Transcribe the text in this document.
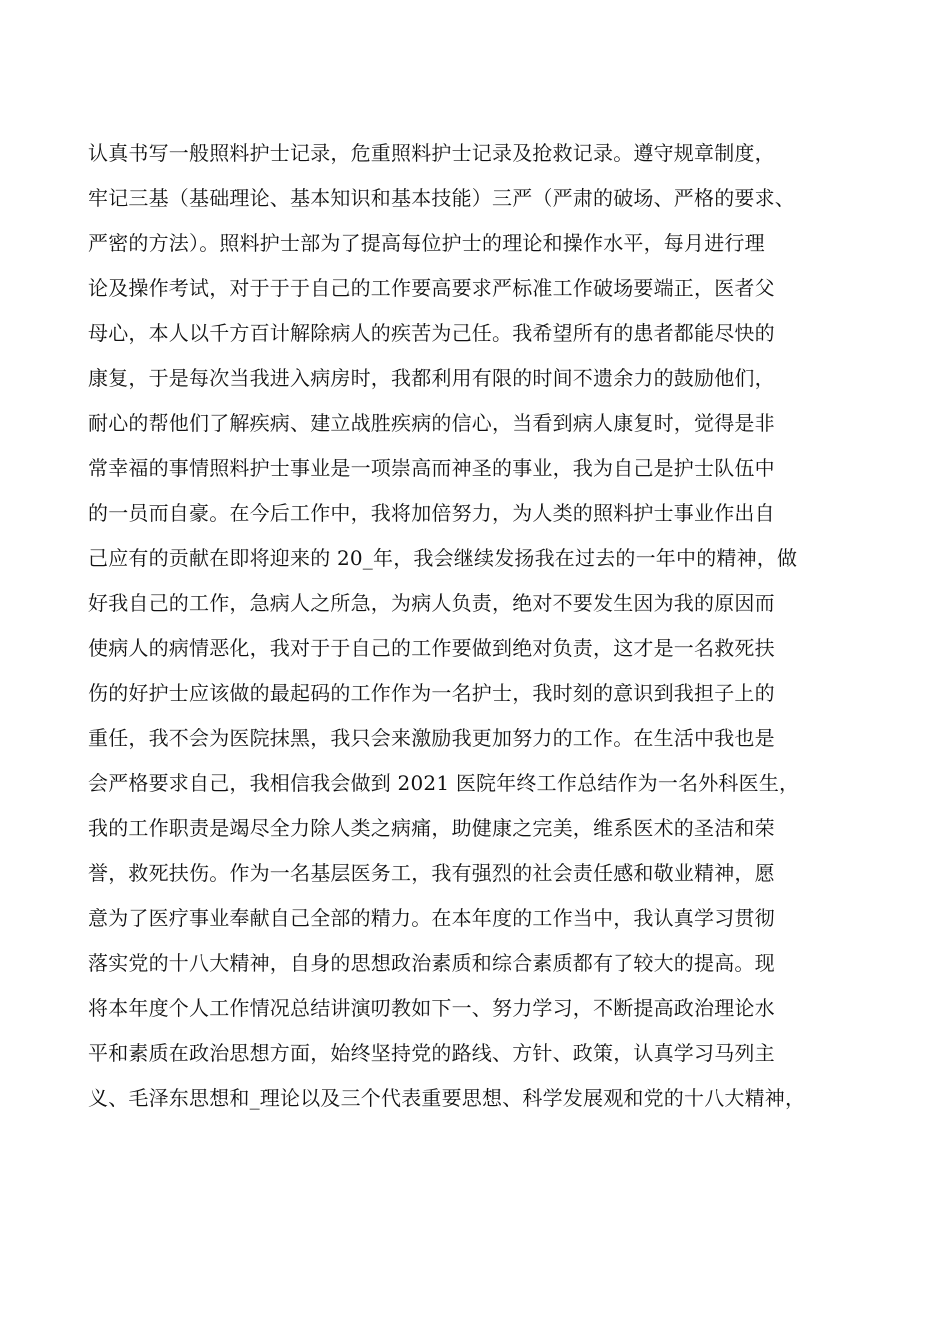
认真书写一般照料护士记录，危重照料护士记录及抢救记录。遵守规章制度，
牢记三基（基础理论、基本知识和基本技能）三严（严肃的破场、严格的要求、
严密的方法）。照料护士部为了提高每位护士的理论和操作水平，每月进行理
论及操作考试，对于于于自己的工作要高要求严标准工作破场要端正，医者父
母心，本人以千方百计解除病人的疾苦为己任。我希望所有的患者都能尽快的
康复，于是每次当我进入病房时，我都利用有限的时间不遗余力的鼓励他们，
耐心的帮他们了解疾病、建立战胜疾病的信心，当看到病人康复时，觉得是非
常幸福的事情照料护士事业是一项崇高而神圣的事业，我为自己是护士队伍中
的一员而自豪。在今后工作中，我将加倍努力，为人类的照料护士事业作出自
己应有的贡献在即将迎来的 20_年，我会继续发扬我在过去的一年中的精神，做
好我自己的工作，急病人之所急，为病人负责，绝对不要发生因为我的原因而
使病人的病情恶化，我对于于自己的工作要做到绝对负责，这才是一名救死扶
伤的好护士应该做的最起码的工作作为一名护士，我时刻的意识到我担子上的
重任，我不会为医院抹黑，我只会来激励我更加努力的工作。在生活中我也是
会严格要求自己，我相信我会做到 2021 医院年终工作总结作为一名外科医生，
我的工作职责是竭尽全力除人类之病痛，助健康之完美，维系医术的圣洁和荣
誉，救死扶伤。作为一名基层医务工，我有强烈的社会责任感和敬业精神，愿
意为了医疗事业奉献自己全部的精力。在本年度的工作当中，我认真学习贯彻
落实党的十八大精神，自身的思想政治素质和综合素质都有了较大的提高。现
将本年度个人工作情况总结讲演叨教如下一、努力学习，不断提高政治理论水
平和素质在政治思想方面，始终坚持党的路线、方针、政策，认真学习马列主
义、毛泽东思想和_理论以及三个代表重要思想、科学发展观和党的十八大精神，
